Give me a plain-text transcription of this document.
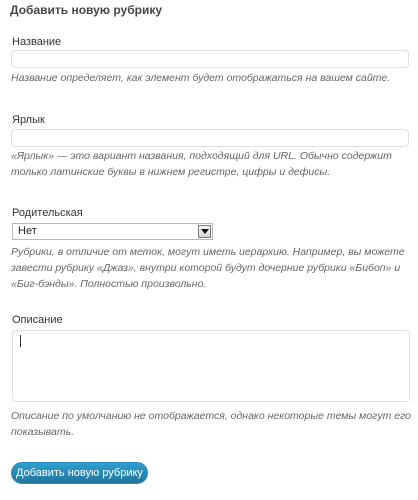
Добавить новую рубрику
Название
Название определяет, как элемент будет отображаться на вашем сайте.
Ярлык
«Ярлык» — это вариант названия, подходящий для URL. Обычно содержит
только латинские буквы в нижнем регистре, цифры и дефисы.
Родительская
Нет
Рубрики, в отличие от меток, могут иметь иерархию. Например, вы можете
завести рубрику «Джаз», внутри которой будут дочерние рубрики «Бибоп» и
«Биг-бэнды». Полностью произвольно.
Описание
Описание по умолчанию не отображается, однако некоторые темы могут его
показывать.
Добавить новую рубрику
